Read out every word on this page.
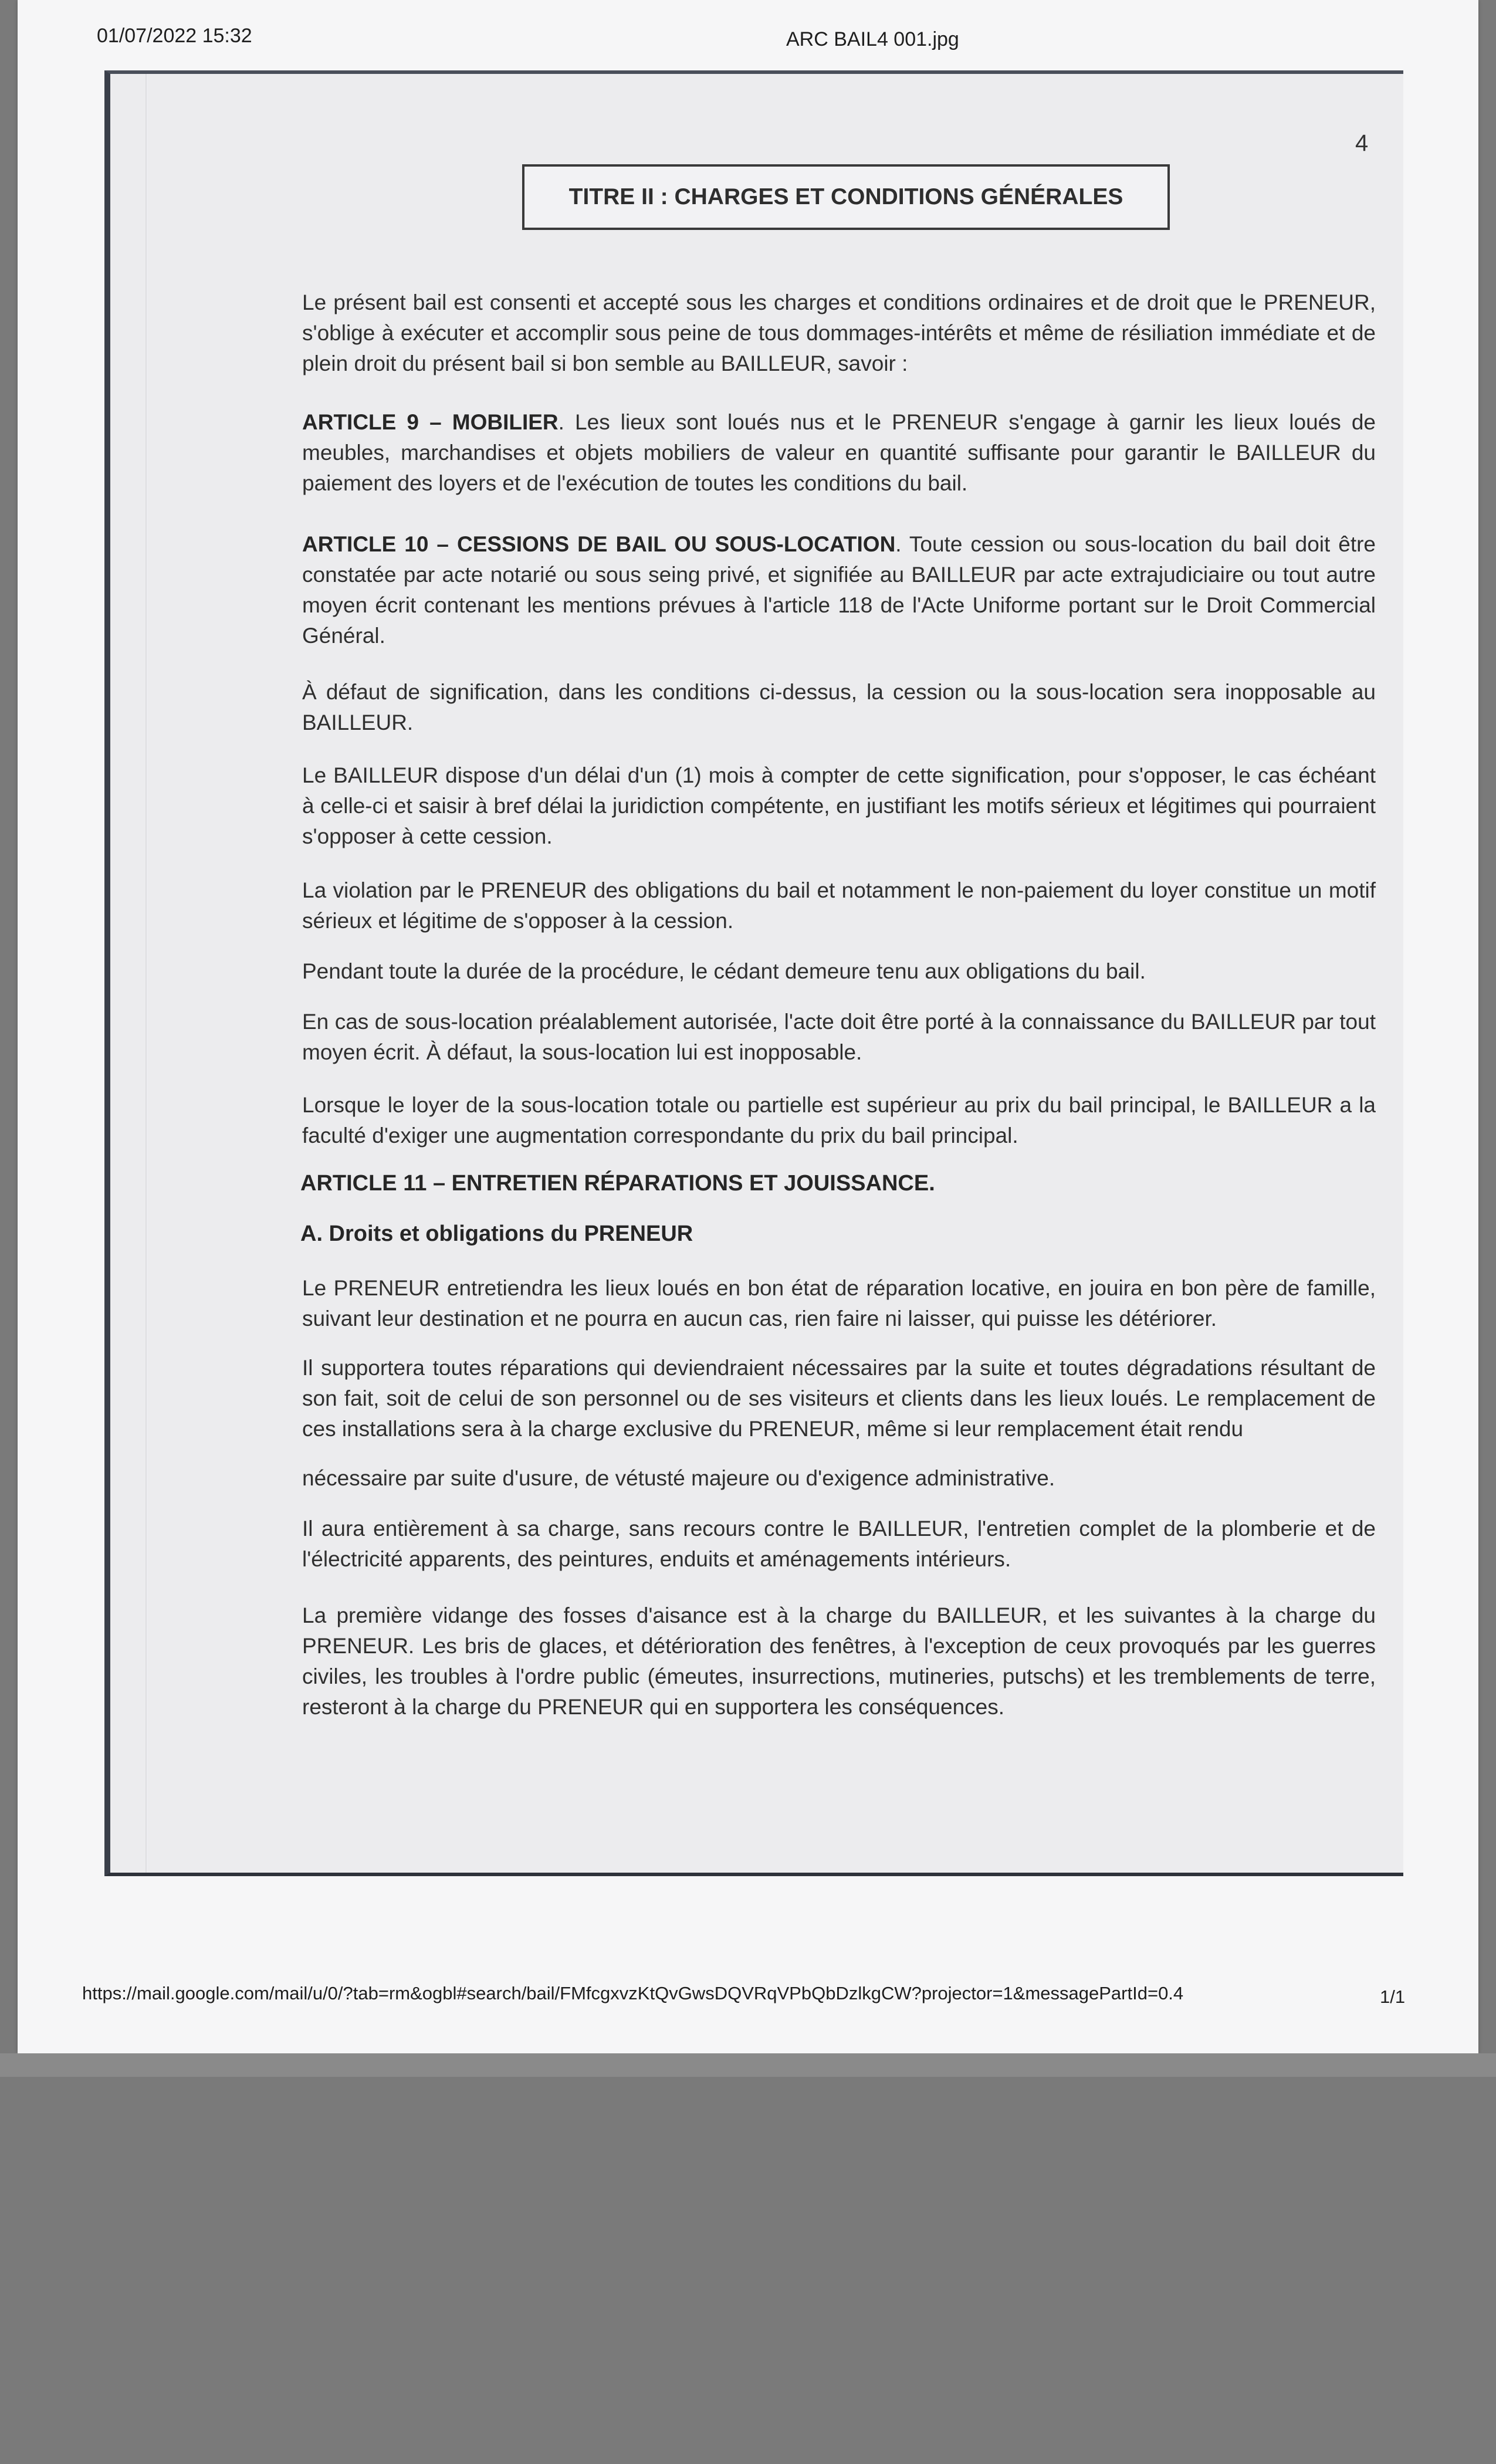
01/07/2022 15:32	ARC BAIL4 001.jpg
4
TITRE II : CHARGES ET CONDITIONS GÉNÉRALES

Le présent bail est consenti et accepté sous les charges et conditions ordinaires et de droit que le PRENEUR, s'oblige à exécuter et accomplir sous peine de tous dommages-intérêts et même de résiliation immédiate et de plein droit du présent bail si bon semble au BAILLEUR, savoir :

ARTICLE 9 – MOBILIER. Les lieux sont loués nus et le PRENEUR s'engage à garnir les lieux loués de meubles, marchandises et objets mobiliers de valeur en quantité suffisante pour garantir le BAILLEUR du paiement des loyers et de l'exécution de toutes les conditions du bail.

ARTICLE 10 – CESSIONS DE BAIL OU SOUS-LOCATION. Toute cession ou sous-location du bail doit être constatée par acte notarié ou sous seing privé, et signifiée au BAILLEUR par acte extrajudiciaire ou tout autre moyen écrit contenant les mentions prévues à l'article 118 de l'Acte Uniforme portant sur le Droit Commercial Général.

À défaut de signification, dans les conditions ci-dessus, la cession ou la sous-location sera inopposable au BAILLEUR.

Le BAILLEUR dispose d'un délai d'un (1) mois à compter de cette signification, pour s'opposer, le cas échéant à celle-ci et saisir à bref délai la juridiction compétente, en justifiant les motifs sérieux et légitimes qui pourraient s'opposer à cette cession.

La violation par le PRENEUR des obligations du bail et notamment le non-paiement du loyer constitue un motif sérieux et légitime de s'opposer à la cession.

Pendant toute la durée de la procédure, le cédant demeure tenu aux obligations du bail.

En cas de sous-location préalablement autorisée, l'acte doit être porté à la connaissance du BAILLEUR par tout moyen écrit. À défaut, la sous-location lui est inopposable.

Lorsque le loyer de la sous-location totale ou partielle est supérieur au prix du bail principal, le BAILLEUR a la faculté d'exiger une augmentation correspondante du prix du bail principal.

ARTICLE 11 – ENTRETIEN RÉPARATIONS ET JOUISSANCE.

A. Droits et obligations du PRENEUR

Le PRENEUR entretiendra les lieux loués en bon état de réparation locative, en jouira en bon père de famille, suivant leur destination et ne pourra en aucun cas, rien faire ni laisser, qui puisse les détériorer.

Il supportera toutes réparations qui deviendraient nécessaires par la suite et toutes dégradations résultant de son fait, soit de celui de son personnel ou de ses visiteurs et clients dans les lieux loués. Le remplacement de ces installations sera à la charge exclusive du PRENEUR, même si leur remplacement était rendu

nécessaire par suite d'usure, de vétusté majeure ou d'exigence administrative.

Il aura entièrement à sa charge, sans recours contre le BAILLEUR, l'entretien complet de la plomberie et de l'électricité apparents, des peintures, enduits et aménagements intérieurs.

La première vidange des fosses d'aisance est à la charge du BAILLEUR, et les suivantes à la charge du PRENEUR. Les bris de glaces, et détérioration des fenêtres, à l'exception de ceux provoqués par les guerres civiles, les troubles à l'ordre public (émeutes, insurrections, mutineries, putschs) et les tremblements de terre, resteront à la charge du PRENEUR qui en supportera les conséquences.

https://mail.google.com/mail/u/0/?tab=rm&ogbl#search/bail/FMfcgxvzKtQvGwsDQVRqVPbQbDzlkgCW?projector=1&messagePartId=0.4	1/1
